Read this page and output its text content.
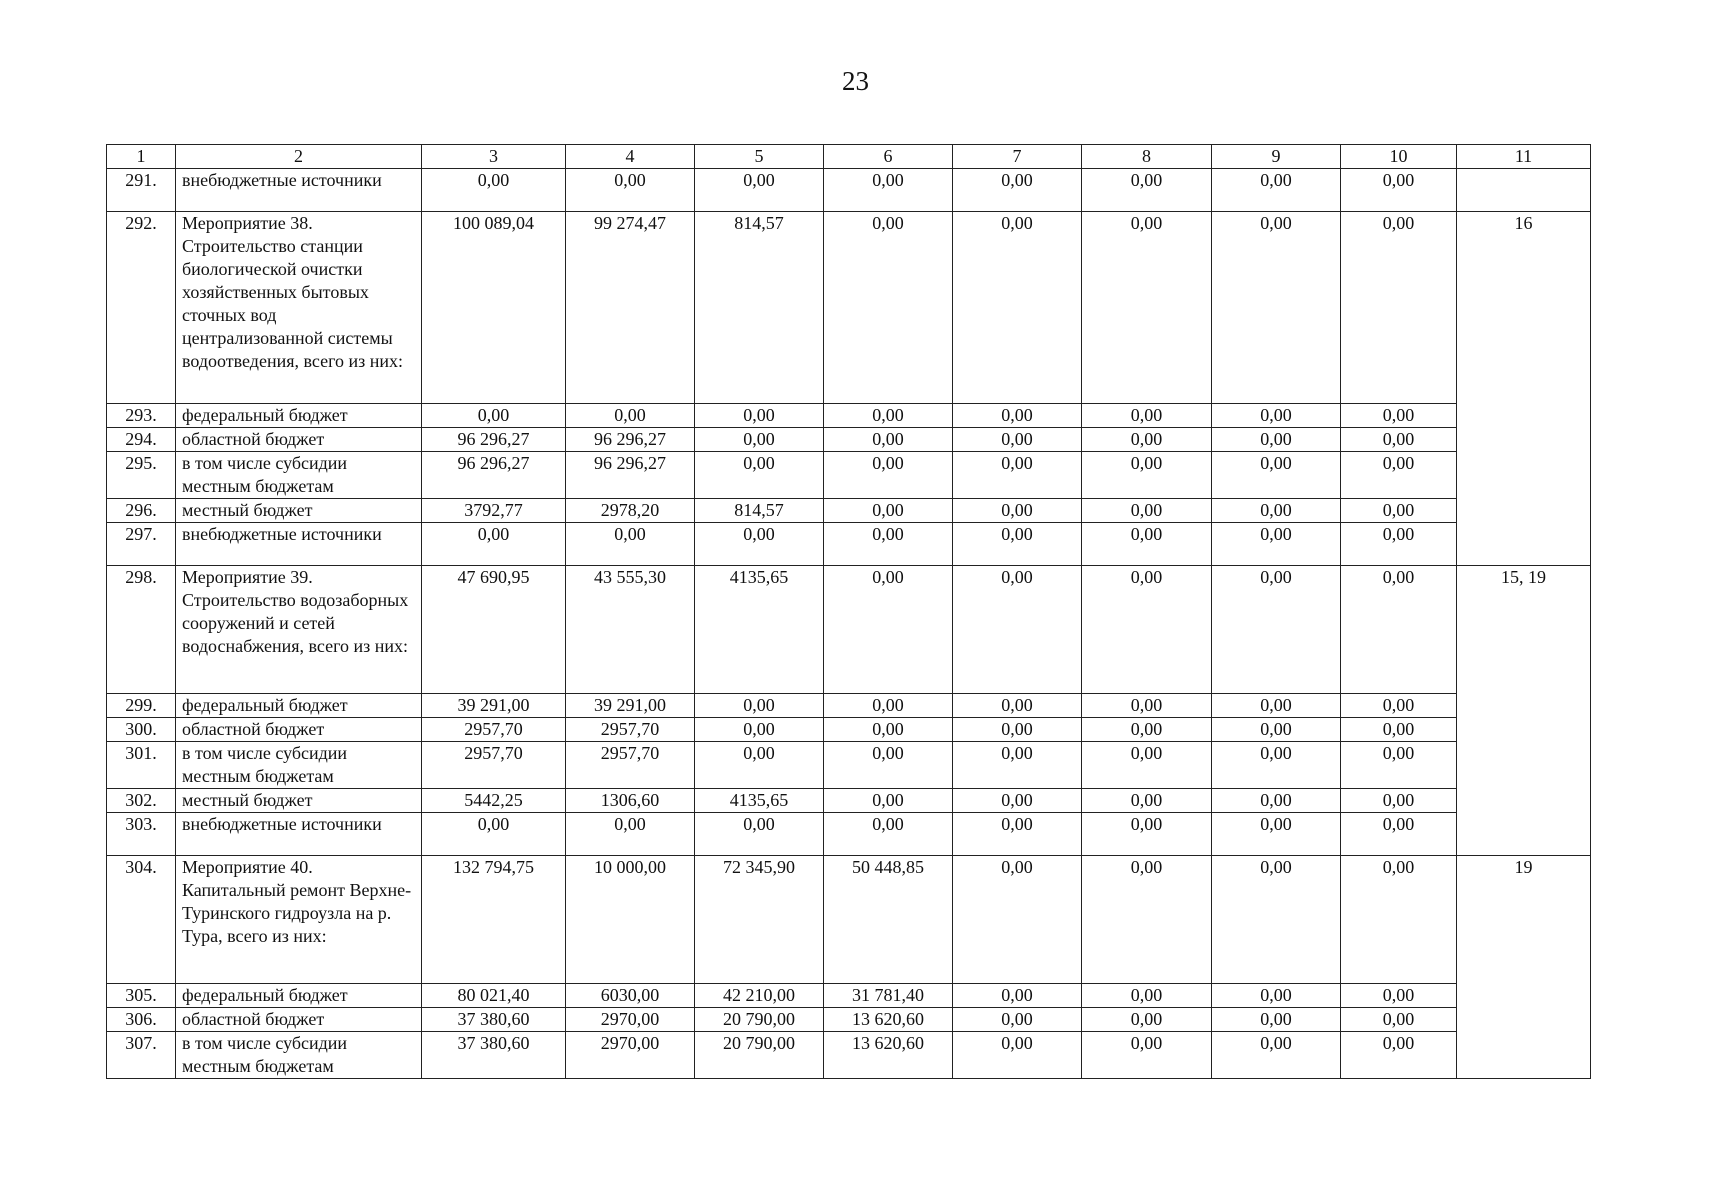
23
1	2	3	4	5	6	7	8	9	10	11
291.	внебюджетные источники	0,00	0,00	0,00	0,00	0,00	0,00	0,00	0,00	
292.	Мероприятие 38. Строительство станции биологической очистки хозяйственных бытовых сточных вод централизованной системы водоотведения, всего из них:	100 089,04	99 274,47	814,57	0,00	0,00	0,00	0,00	0,00	16
293.	федеральный бюджет	0,00	0,00	0,00	0,00	0,00	0,00	0,00	0,00	
294.	областной бюджет	96 296,27	96 296,27	0,00	0,00	0,00	0,00	0,00	0,00	
295.	в том числе субсидии местным бюджетам	96 296,27	96 296,27	0,00	0,00	0,00	0,00	0,00	0,00	
296.	местный бюджет	3792,77	2978,20	814,57	0,00	0,00	0,00	0,00	0,00	
297.	внебюджетные источники	0,00	0,00	0,00	0,00	0,00	0,00	0,00	0,00	
298.	Мероприятие 39. Строительство водозаборных сооружений и сетей водоснабжения, всего из них:	47 690,95	43 555,30	4135,65	0,00	0,00	0,00	0,00	0,00	15, 19
299.	федеральный бюджет	39 291,00	39 291,00	0,00	0,00	0,00	0,00	0,00	0,00	
300.	областной бюджет	2957,70	2957,70	0,00	0,00	0,00	0,00	0,00	0,00	
301.	в том числе субсидии местным бюджетам	2957,70	2957,70	0,00	0,00	0,00	0,00	0,00	0,00	
302.	местный бюджет	5442,25	1306,60	4135,65	0,00	0,00	0,00	0,00	0,00	
303.	внебюджетные источники	0,00	0,00	0,00	0,00	0,00	0,00	0,00	0,00	
304.	Мероприятие 40. Капитальный ремонт Верхне-Туринского гидроузла на р. Тура, всего из них:	132 794,75	10 000,00	72 345,90	50 448,85	0,00	0,00	0,00	0,00	19
305.	федеральный бюджет	80 021,40	6030,00	42 210,00	31 781,40	0,00	0,00	0,00	0,00	
306.	областной бюджет	37 380,60	2970,00	20 790,00	13 620,60	0,00	0,00	0,00	0,00	
307.	в том числе субсидии местным бюджетам	37 380,60	2970,00	20 790,00	13 620,60	0,00	0,00	0,00	0,00	
